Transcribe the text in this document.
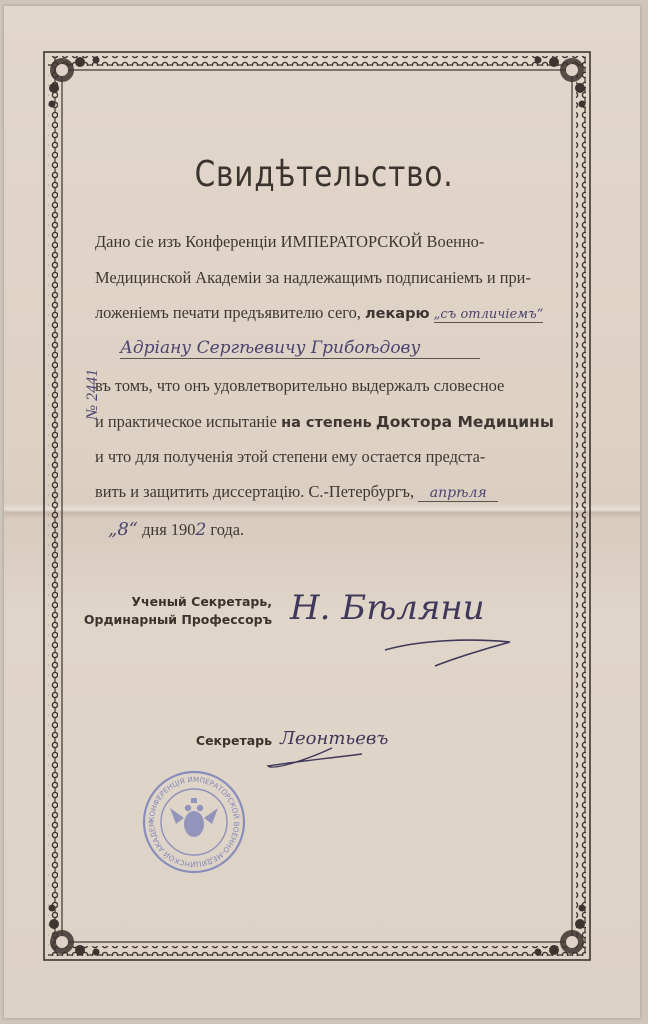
Свидѣтельство.
Дано сiе изъ Конференцiи ИМПЕРАТОРСКОЙ Военно-
Медицинской Академiи за надлежащимъ подписанiемъ и при-
ложенiемъ печати предъявителю сего, лекарю „съ отличiемъ“
Адрiану Сергѣевичу Грибоѣдову
въ томъ, что онъ удовлетворительно выдержалъ словесное
и практическое испытанiе на степень Доктора Медицины
и что для полученiя этой степени ему остается предста-
вить и защитить диссертацiю. С.-Петербургъ, апрѣля
„8“ дня 1902 года.
№ 2441
Ученый Секретарь,
Ординарный Профессоръ Н. Бѣляни
Секретарь Леонтьевъ
КОНФЕРЕНЦIЯ ИМПЕРАТОРСКОЙ ВОЕННО-МЕДИЦИНСКОЙ АКАДЕМ
